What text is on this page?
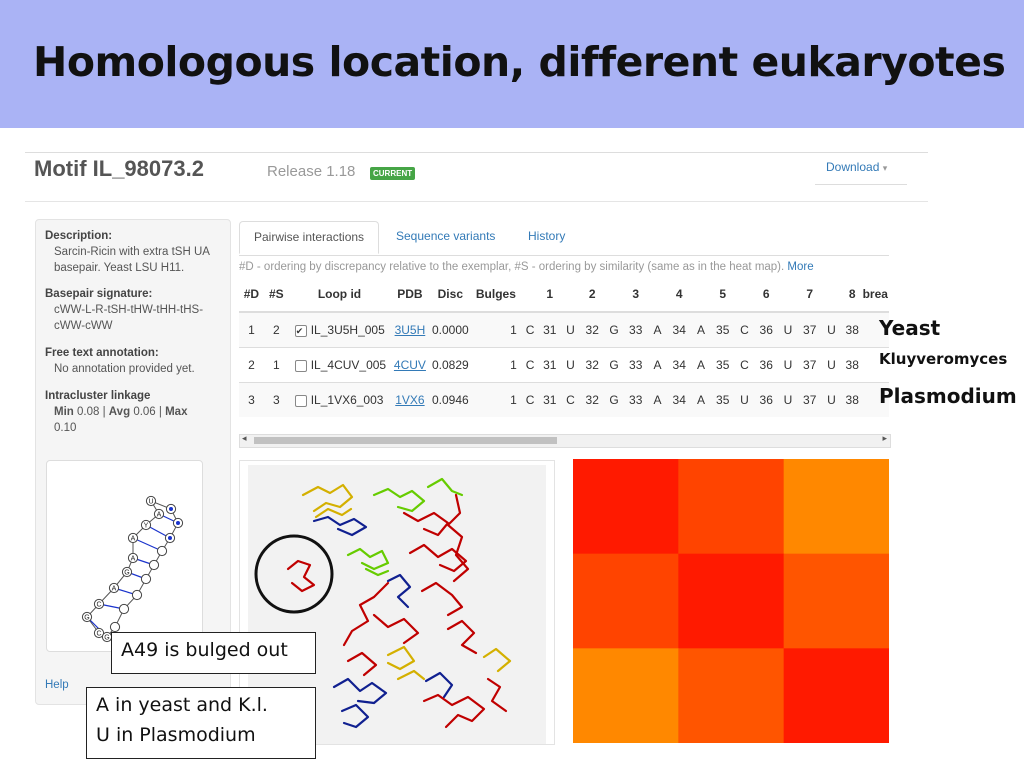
Homologous location, different eukaryotes
Motif IL_98073.2	Release 1.18	CURRENT	Download ▾
Description:
Sarcin-Ricin with extra tSH UA
basepair. Yeast LSU H11.
Basepair signature:
cWW-L-R-tSH-tHW-tHH-tHS-
cWW-cWW
Free text annotation:
No annotation provided yet.
Intracluster linkage
Min 0.08 | Avg 0.06 | Max
0.10
U
A
Y
A
A
G
A
C
G
C
G
Help
Pairwise interactions	Sequence variants	History
#D - ordering by discrepancy relative to the exemplar, #S - ordering by similarity (same as in the heat map). More
#D	#S	Loop id	PDB	Disc	Bulges		1		2		3		4		5		6		7		8	brea
1	2	✔ IL_3U5H_005	3U5H	0.0000	1	C	31	U	32	G	33	A	34	A	35	C	36	U	37	U	38	
2	1	IL_4CUV_005	4CUV	0.0829	1	C	31	U	32	G	33	A	34	A	35	C	36	U	37	U	38	
3	3	IL_1VX6_003	1VX6	0.0946	1	C	31	C	32	G	33	A	34	A	35	U	36	U	37	U	38	
◂	▸
Yeast
Kluyveromyces
Plasmodium
A49 is bulged out
A in yeast and K.l.
U in Plasmodium
